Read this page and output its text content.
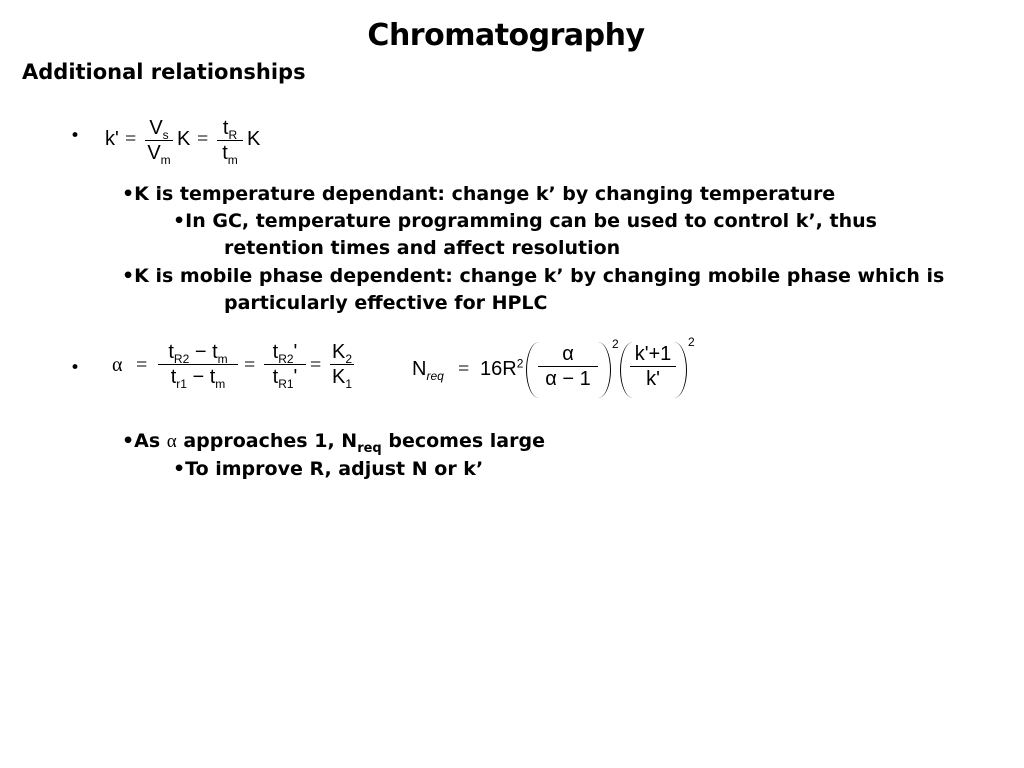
Chromatography
Additional relationships
• $k' = V_s$
$V_m$
$K = t_R$
$t_m$
K
•K is temperature dependant: change k’ by changing temperature
•In GC, temperature programming can be used to control k’, thus
retention times and affect resolution
•K is mobile phase dependent: change k’ by changing mobile phase which is
particularly effective for HPLC
• α =
$t_{R2} - t_m$
$t_{r1} - t_m$
=
$t_{R2}'$
$t_{R1}'$
=
$K_2$
$K_1$
$N_{req} = 16R^2$	α
α − 1
2 k'+1
k'
2
•As α approaches 1, $N_{req}$ becomes large
•To improve R, adjust N or k’
